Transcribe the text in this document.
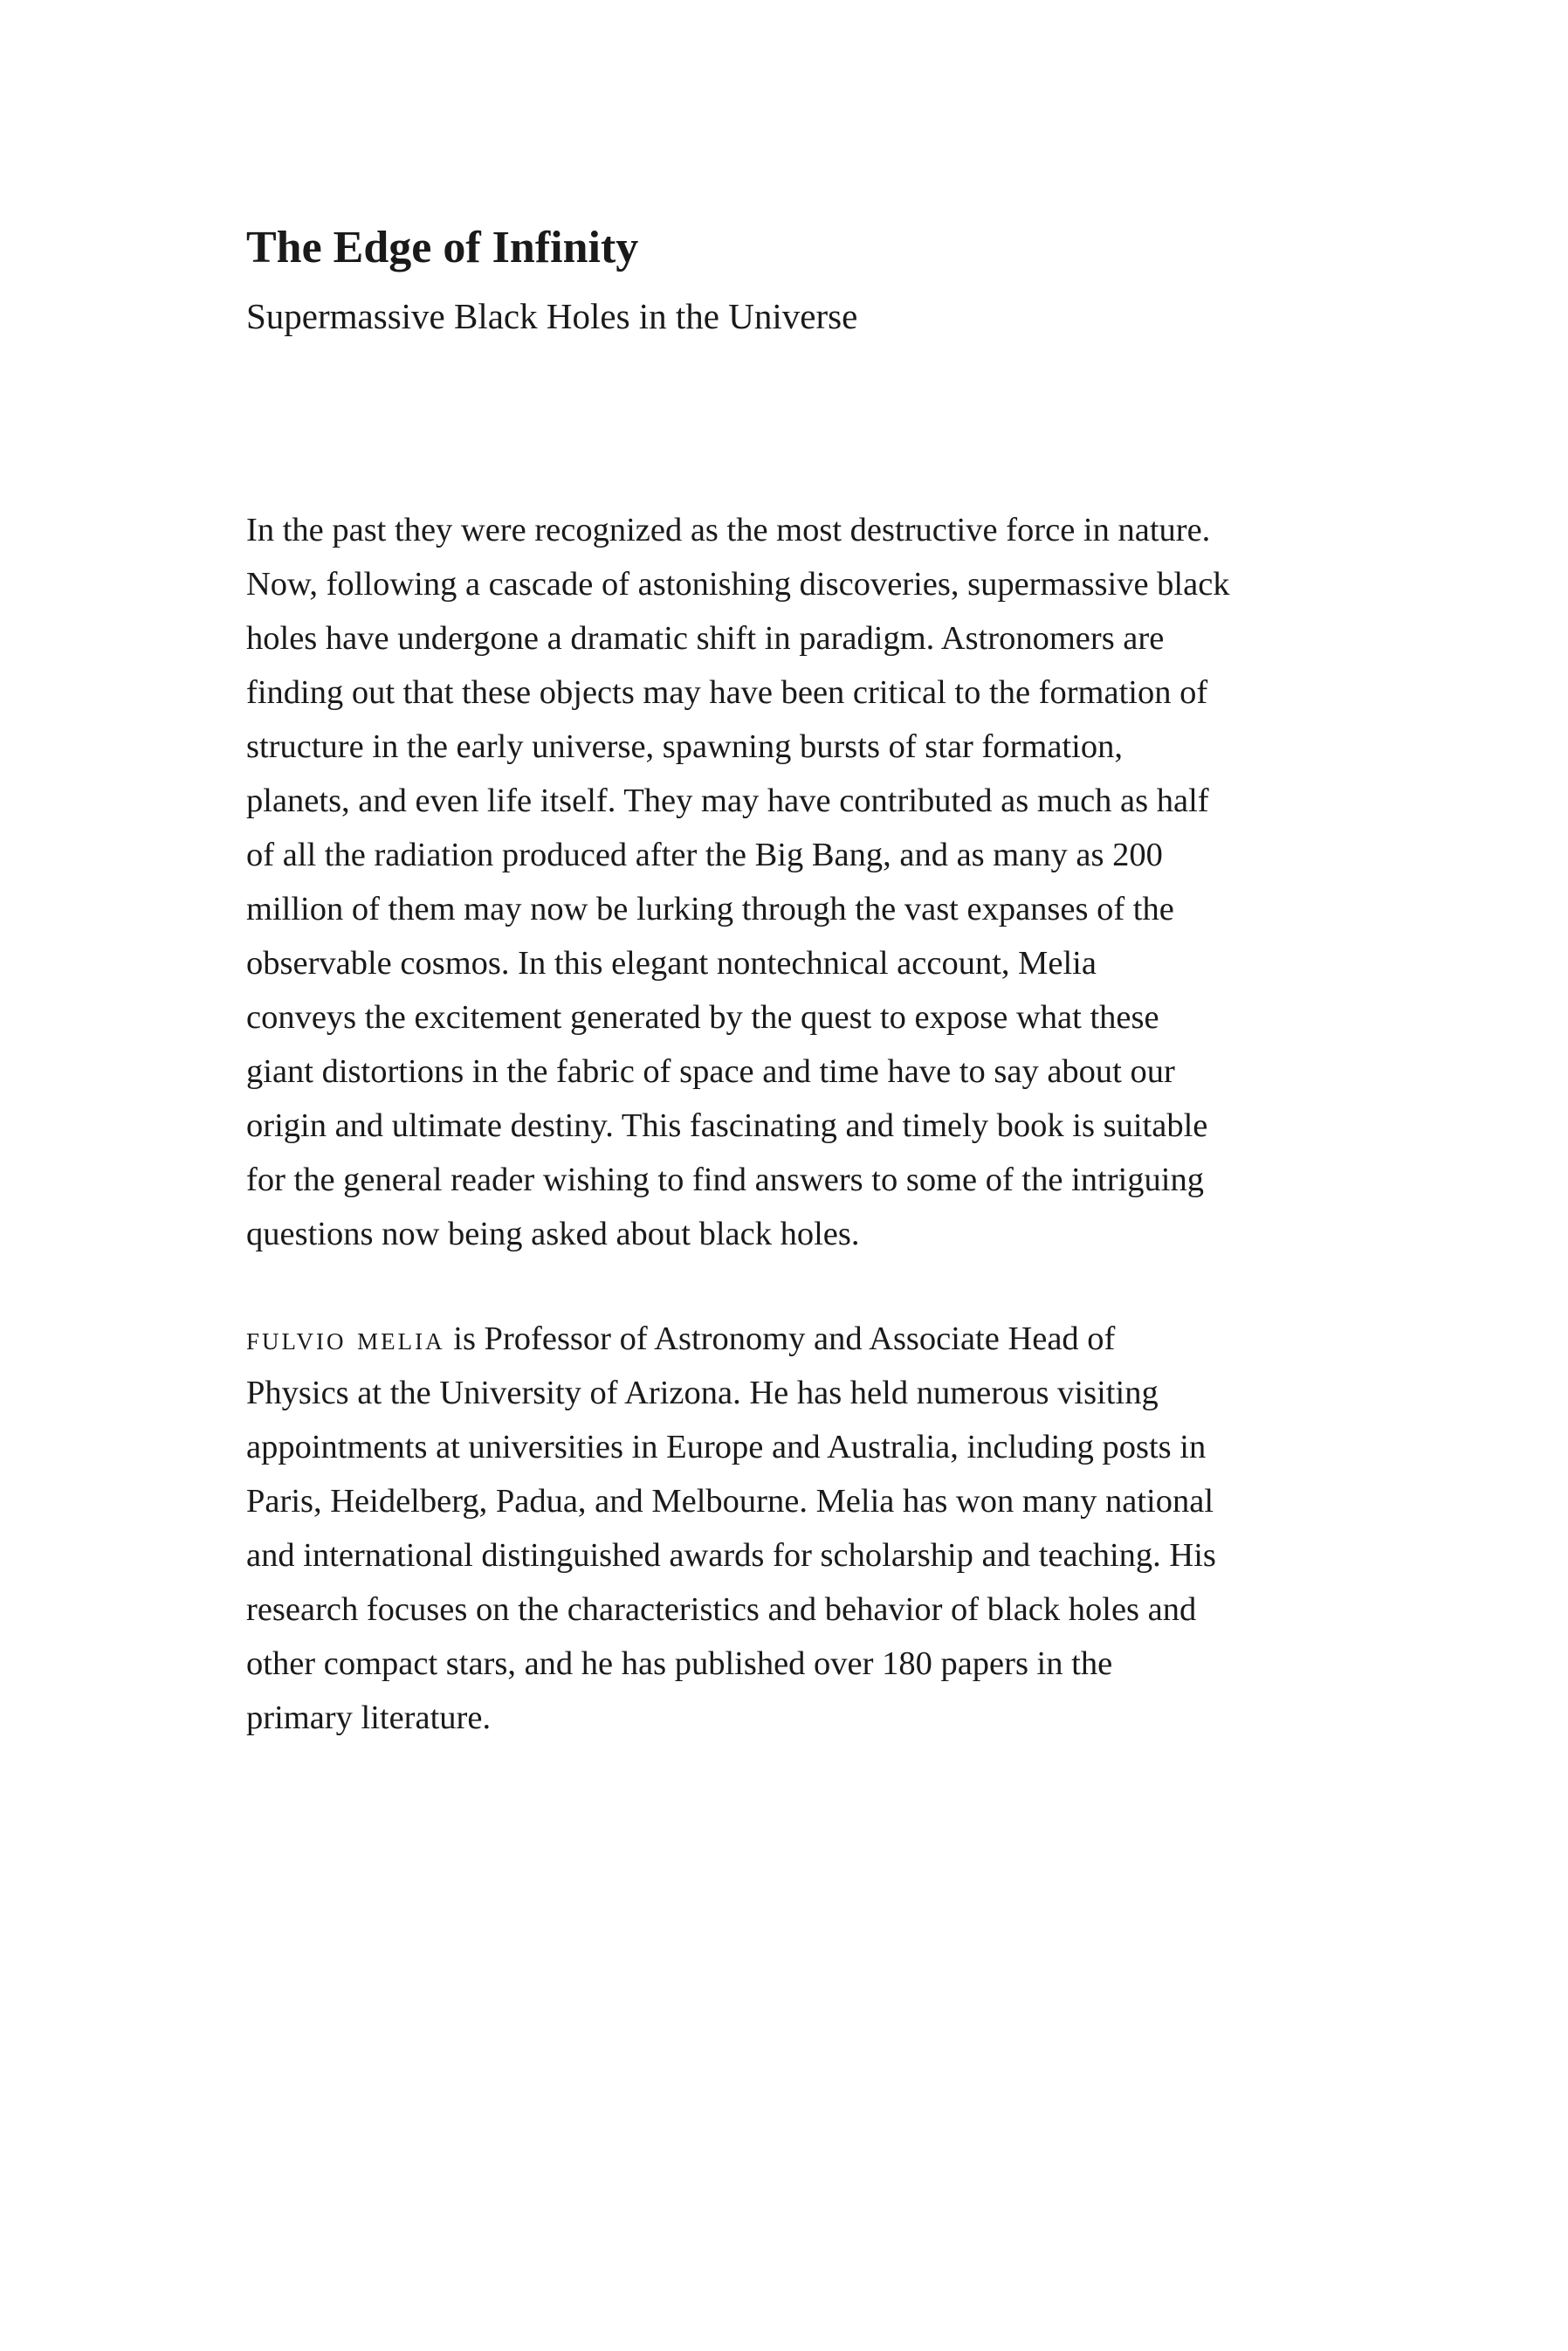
The Edge of Infinity
Supermassive Black Holes in the Universe
In the past they were recognized as the most destructive force in nature.
Now, following a cascade of astonishing discoveries, supermassive black
holes have undergone a dramatic shift in paradigm. Astronomers are
finding out that these objects may have been critical to the formation of
structure in the early universe, spawning bursts of star formation,
planets, and even life itself. They may have contributed as much as half
of all the radiation produced after the Big Bang, and as many as 200
million of them may now be lurking through the vast expanses of the
observable cosmos. In this elegant nontechnical account, Melia
conveys the excitement generated by the quest to expose what these
giant distortions in the fabric of space and time have to say about our
origin and ultimate destiny. This fascinating and timely book is suitable
for the general reader wishing to find answers to some of the intriguing
questions now being asked about black holes.
fulvio melia is Professor of Astronomy and Associate Head of
Physics at the University of Arizona. He has held numerous visiting
appointments at universities in Europe and Australia, including posts in
Paris, Heidelberg, Padua, and Melbourne. Melia has won many national
and international distinguished awards for scholarship and teaching. His
research focuses on the characteristics and behavior of black holes and
other compact stars, and he has published over 180 papers in the
primary literature.
